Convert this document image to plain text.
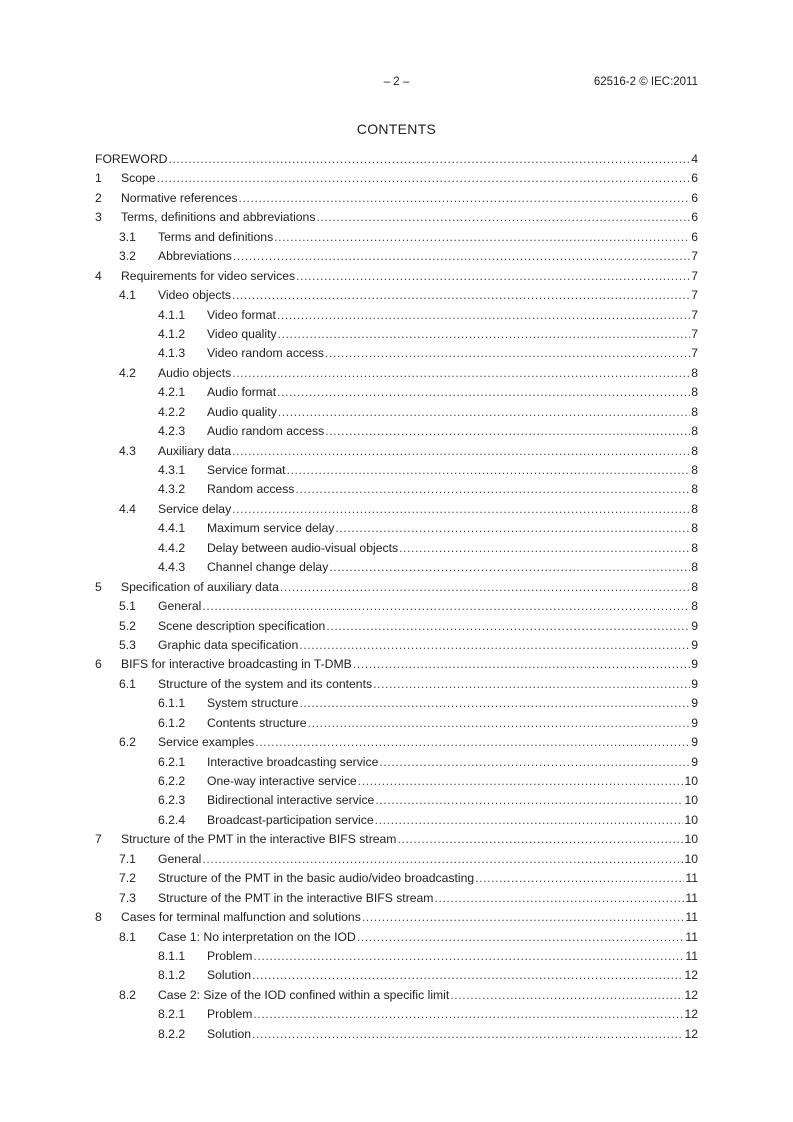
– 2 –	62516-2 © IEC:2011
CONTENTS
FOREWORD .....	4
1	Scope .....	6
2	Normative references .....	6
3	Terms, definitions and abbreviations .....	6
3.1	Terms and definitions .....	6
3.2	Abbreviations .....	7
4	Requirements for video services .....	7
4.1	Video objects .....	7
4.1.1	Video format .....	7
4.1.2	Video quality .....	7
4.1.3	Video random access .....	7
4.2	Audio objects .....	8
4.2.1	Audio format .....	8
4.2.2	Audio quality .....	8
4.2.3	Audio random access .....	8
4.3	Auxiliary data .....	8
4.3.1	Service format .....	8
4.3.2	Random access .....	8
4.4	Service delay .....	8
4.4.1	Maximum service delay .....	8
4.4.2	Delay between audio-visual objects .....	8
4.4.3	Channel change delay .....	8
5	Specification of auxiliary data .....	8
5.1	General .....	8
5.2	Scene description specification .....	9
5.3	Graphic data specification .....	9
6	BIFS for interactive broadcasting in T-DMB .....	9
6.1	Structure of the system and its contents .....	9
6.1.1	System structure .....	9
6.1.2	Contents structure .....	9
6.2	Service examples .....	9
6.2.1	Interactive broadcasting service .....	9
6.2.2	One-way interactive service .....	10
6.2.3	Bidirectional interactive service .....	10
6.2.4	Broadcast-participation service .....	10
7	Structure of the PMT in the interactive BIFS stream .....	10
7.1	General .....	10
7.2	Structure of the PMT in the basic audio/video broadcasting .....	11
7.3	Structure of the PMT in the interactive BIFS stream .....	11
8	Cases for terminal malfunction and solutions .....	11
8.1	Case 1: No interpretation on the IOD .....	11
8.1.1	Problem .....	11
8.1.2	Solution .....	12
8.2	Case 2: Size of the IOD confined within a specific limit .....	12
8.2.1	Problem .....	12
8.2.2	Solution .....	12
